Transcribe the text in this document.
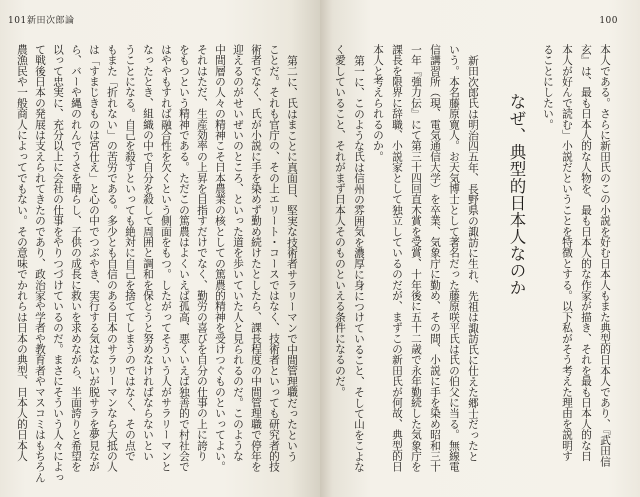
101 新田次郎論
第二に、氏はまことに真面目、堅実な技術者サラリーマンで中間管理職だったという
ことだ。それも官庁の、その上エリート・コースではなく、技術者といっても研究者的技
術者でなく、氏が小説に手を染めず勤め続けたとしたら、課長程度の中間管理職で停年を
迎えるのがせいぜいのところ、といった道を歩いていた人と見られるのだ。このような
中間層の人々の精神こそ日本農業の核としての篤農的精神を受けつぐものといってよい。
それはただ、生産効率の上昇を目指すだけでなく、勤労の喜びを自分の仕事の上に誇り
をもつという精神である。ただこの篤農はよくいえば孤高、悪くいえば独善的で村社会で
はややもすれば融合性を欠くという側面をもつ。したがってそういう人がサラリーマンと
なったとき、組織の中で自分を殺して周囲と調和を保とうと努めなければならないとい
うことになる。自己を殺すといっても絶対に自己を捨ててしまうのではなく、その点で
もまた「折れない」の苦労である。多少とも自信のある日本のサラリーマンなら大抵の人
は「すまじきものは宮仕え」と心の中でつぶやき、実行する気はないが脱サラを夢見なが
ら、バーや縄のれんでうさを晴らし、子供の成長に救いを求めながら、半面誇りと希望を
以って忠実に、充分以上に会社の仕事をやりつづけているのだ。まさにそういう人々によっ
て戦後日本の発展は支えられてきたのであり、政治家や学者や教育者やマスコミはもちろん
農漁民や一般商人によってでもない。その意味でかれらは日本の典型、日本人的日本人
100
本人である。さらに新田氏のこの小説を好む日本人もまた典型的日本人であり、『武田信
玄』は、最も日本人的な人物を、最も日本人的な作家が描き、それを最も日本人的な日
本人が好んで読む」小説だということを特徴とする。以下私がそう考えた理由を説明す
ることにしたい。
なぜ、典型的日本人なのか
新田次郎氏は明治四五年、長野県の諏訪に生れ、先祖は諏訪氏に仕えた郷士だったと
いう。本名藤原寛人。お天気博士として著名だった藤原咲平氏は氏の伯父に当る。無線電
信講習所（現、電気通信大学）を卒業、気象庁に勤め、その間、小説に手を染め昭和三十
一年『強力伝』にて第三十四回直木賞を受賞、十年後に五十二歳で永年勤続した気象庁を
課長を限界に辞職、小説家として独立しているのだが、まずこの新田氏が何故、典型的日
本人と考えられるのか。
第一に、このような氏は信州の雰囲気を濃厚に身につけていること、そして山をこよな
く愛していること、それがまず日本人そのものといえる条件になるのだ。
